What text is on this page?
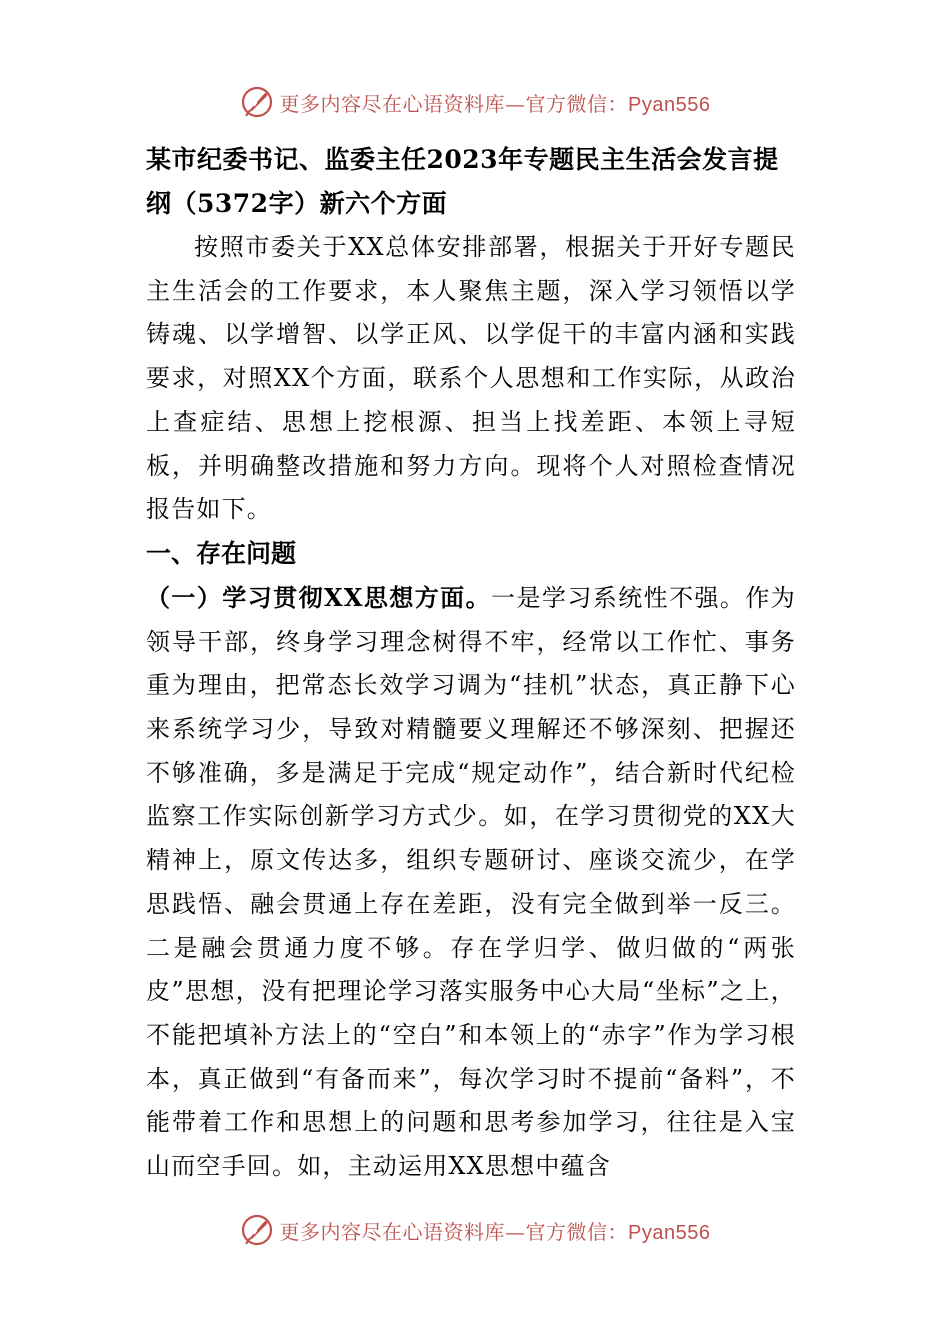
更多内容尽在心语资料库—官方微信：Pyan556

某市纪委书记、监委主任2023年专题民主生活会发言提纲（5372字）新六个方面

按照市委关于XX总体安排部署，根据关于开好专题民主生活会的工作要求，本人聚焦主题，深入学习领悟以学铸魂、以学增智、以学正风、以学促干的丰富内涵和实践要求，对照XX个方面，联系个人思想和工作实际，从政治上查症结、思想上挖根源、担当上找差距、本领上寻短板，并明确整改措施和努力方向。现将个人对照检查情况报告如下。

一、存在问题

（一）学习贯彻XX思想方面。一是学习系统性不强。作为领导干部，终身学习理念树得不牢，经常以工作忙、事务重为理由，把常态长效学习调为“挂机”状态，真正静下心来系统学习少，导致对精髓要义理解还不够深刻、把握还不够准确，多是满足于完成“规定动作”，结合新时代纪检监察工作实际创新学习方式少。如，在学习贯彻党的XX大精神上，原文传达多，组织专题研讨、座谈交流少，在学思践悟、融会贯通上存在差距，没有完全做到举一反三。二是融会贯通力度不够。存在学归学、做归做的“两张皮”思想，没有把理论学习落实服务中心大局“坐标”之上，不能把填补方法上的“空白”和本领上的“赤字”作为学习根本，真正做到“有备而来”，每次学习时不提前“备料”，不能带着工作和思想上的问题和思考参加学习，往往是入宝山而空手回。如，主动运用XX思想中蕴含

更多内容尽在心语资料库—官方微信：Pyan556
